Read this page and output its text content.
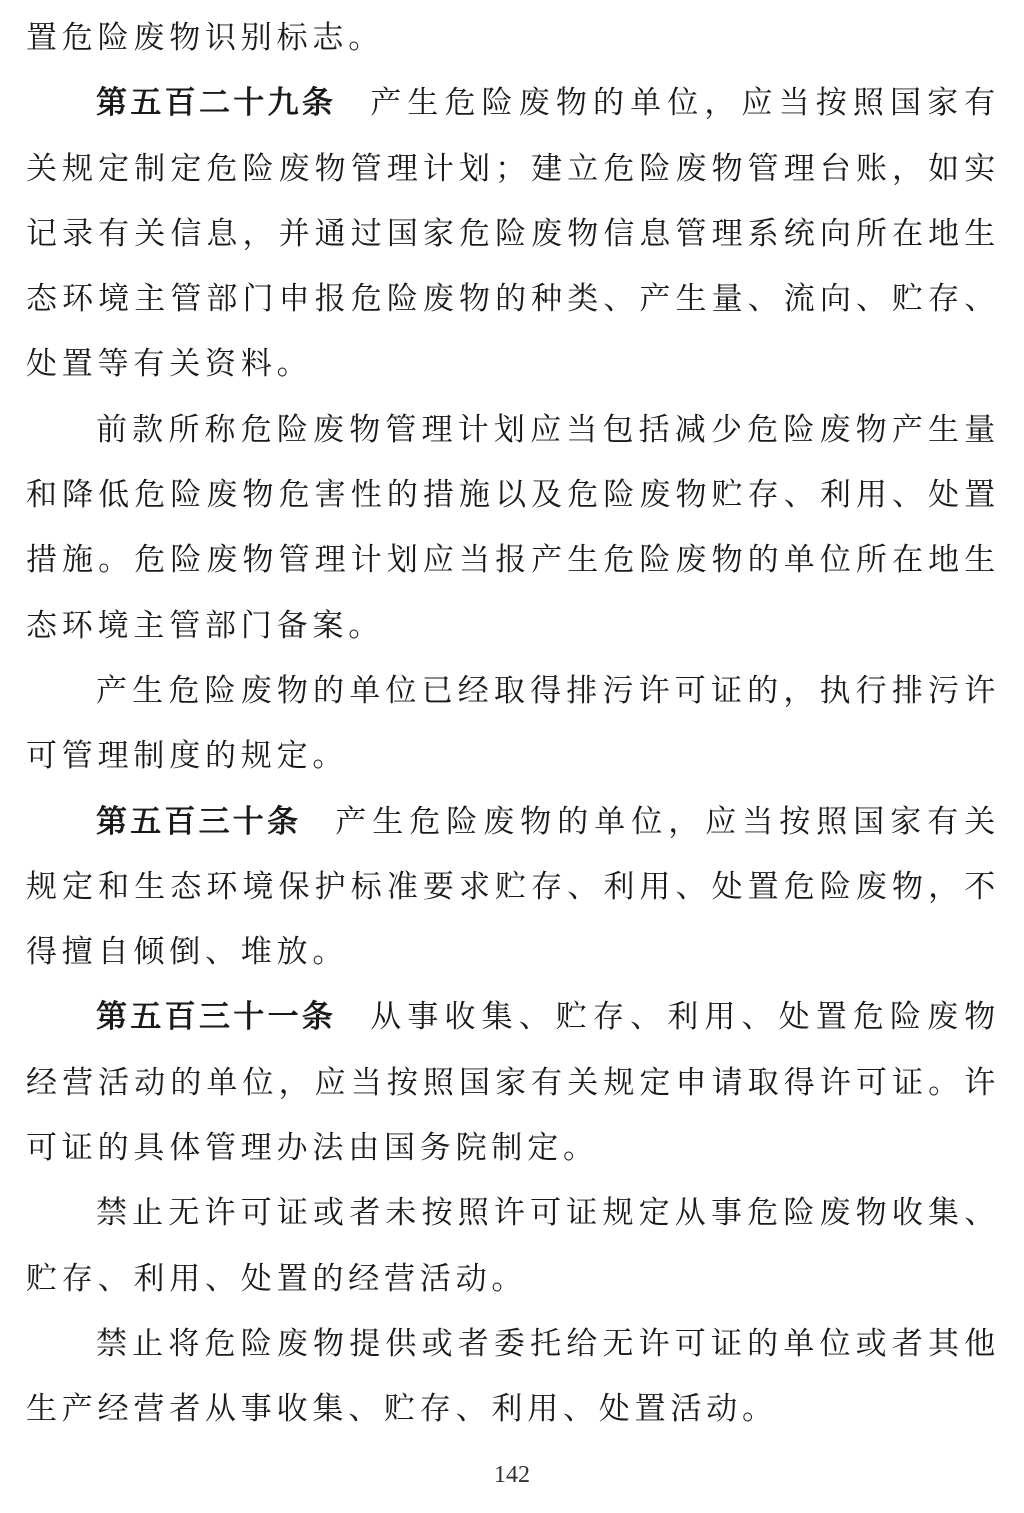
置危险废物识别标志。

第五百二十九条 产生危险废物的单位，应当按照国家有关规定制定危险废物管理计划；建立危险废物管理台账，如实记录有关信息，并通过国家危险废物信息管理系统向所在地生态环境主管部门申报危险废物的种类、产生量、流向、贮存、处置等有关资料。

前款所称危险废物管理计划应当包括减少危险废物产生量和降低危险废物危害性的措施以及危险废物贮存、利用、处置措施。危险废物管理计划应当报产生危险废物的单位所在地生态环境主管部门备案。

产生危险废物的单位已经取得排污许可证的，执行排污许可管理制度的规定。

第五百三十条 产生危险废物的单位，应当按照国家有关规定和生态环境保护标准要求贮存、利用、处置危险废物，不得擅自倾倒、堆放。

第五百三十一条 从事收集、贮存、利用、处置危险废物经营活动的单位，应当按照国家有关规定申请取得许可证。许可证的具体管理办法由国务院制定。

禁止无许可证或者未按照许可证规定从事危险废物收集、贮存、利用、处置的经营活动。

禁止将危险废物提供或者委托给无许可证的单位或者其他生产经营者从事收集、贮存、利用、处置活动。

142
